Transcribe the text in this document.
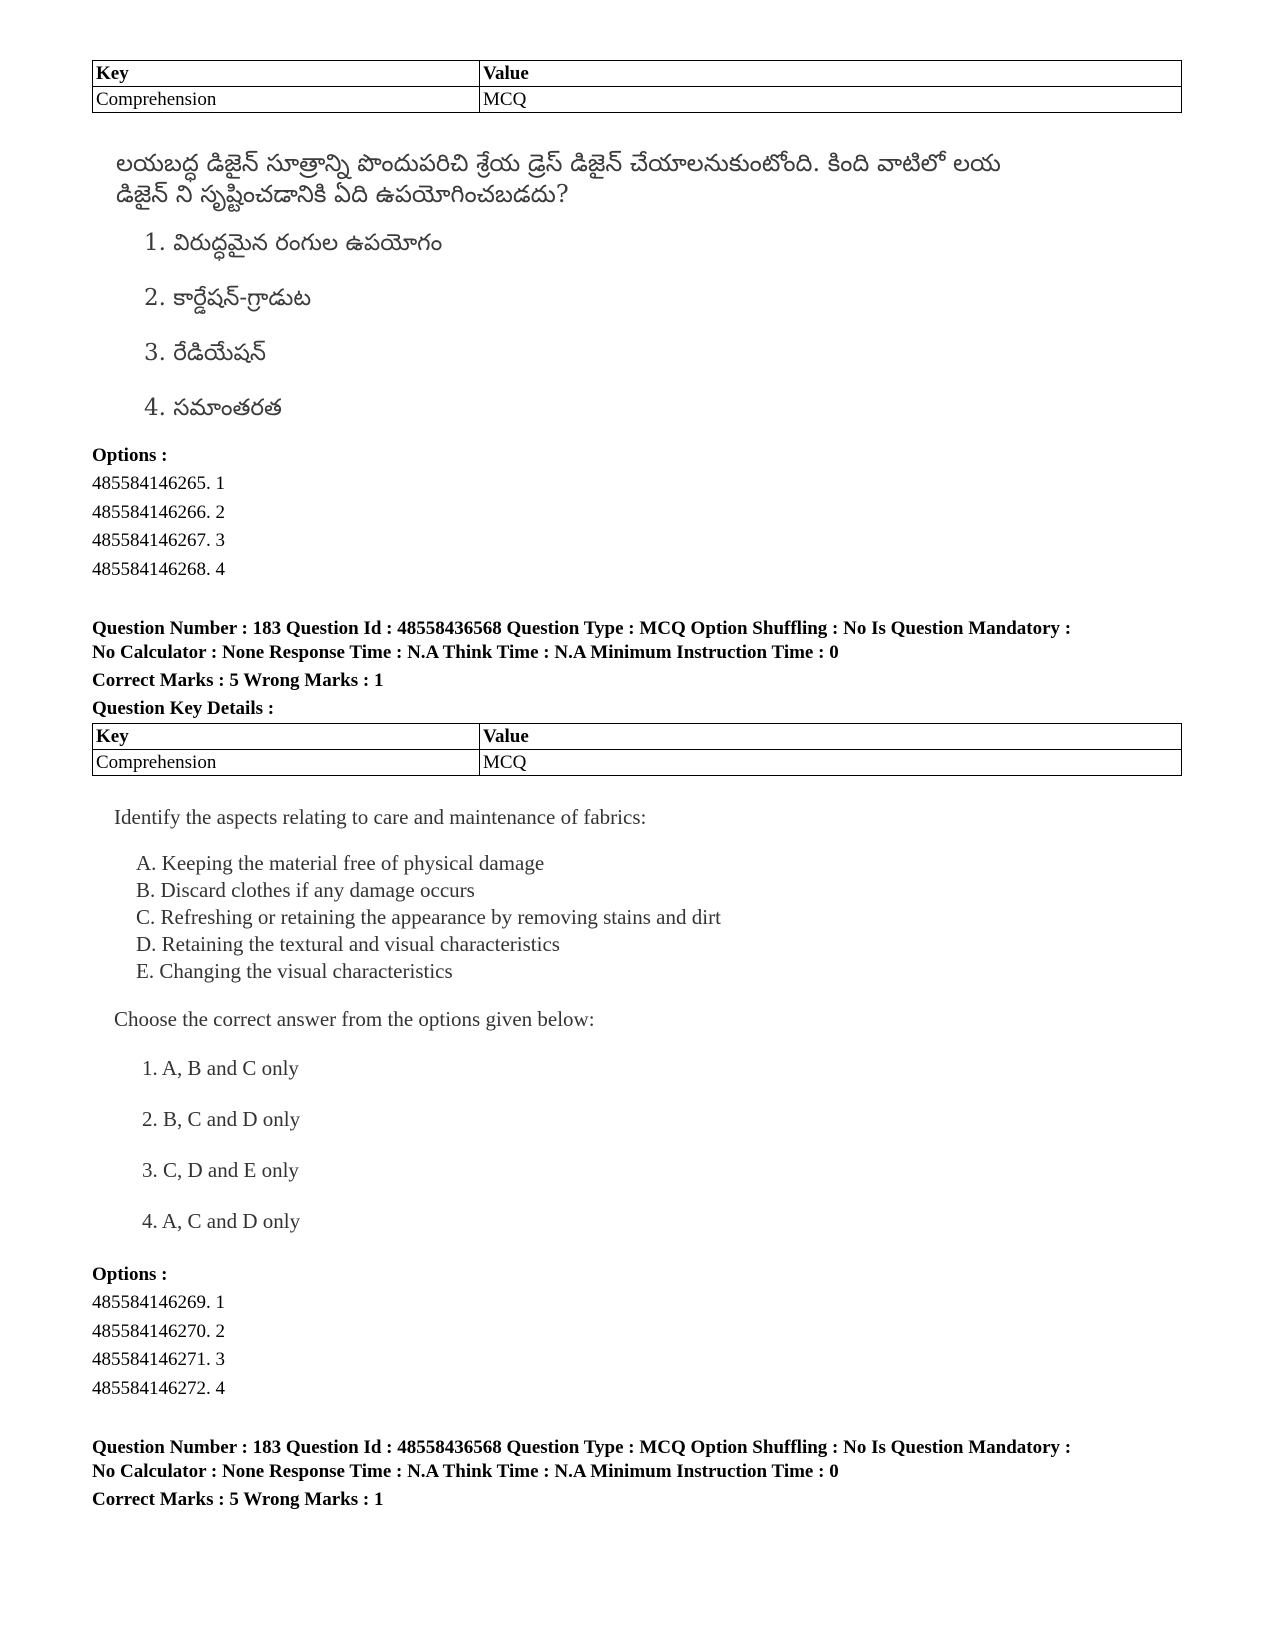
Key	Value
Comprehension	MCQ

లయబద్ధ డిజైన్ సూత్రాన్ని పొందుపరిచి శ్రేయ డ్రెస్ డిజైన్ చేయాలనుకుంటోంది. కింది వాటిలో లయ

డిజైన్ ని సృష్టించడానికి ఏది ఉపయోగించబడదు?

1. విరుద్ధమైన రంగుల ఉపయోగం

2. కార్డేషన్-గ్రాడుట

3. రేడియేషన్

4. సమాంతరత

Options :
485584146265. 1
485584146266. 2
485584146267. 3
485584146268. 4
Question Number : 183 Question Id : 48558436568 Question Type : MCQ Option Shuffling : No Is Question Mandatory :
No Calculator : None Response Time : N.A Think Time : N.A Minimum Instruction Time : 0
Correct Marks : 5 Wrong Marks : 1
Question Key Details :
Key	Value
Comprehension	MCQ

Identify the aspects relating to care and maintenance of fabrics:

A. Keeping the material free of physical damage

B. Discard clothes if any damage occurs

C. Refreshing or retaining the appearance by removing stains and dirt

D. Retaining the textural and visual characteristics

E. Changing the visual characteristics

Choose the correct answer from the options given below:

1. A, B and C only

2. B, C and D only

3. C, D and E only

4. A, C and D only

Options :
485584146269. 1
485584146270. 2
485584146271. 3
485584146272. 4
Question Number : 183 Question Id : 48558436568 Question Type : MCQ Option Shuffling : No Is Question Mandatory :
No Calculator : None Response Time : N.A Think Time : N.A Minimum Instruction Time : 0
Correct Marks : 5 Wrong Marks : 1
